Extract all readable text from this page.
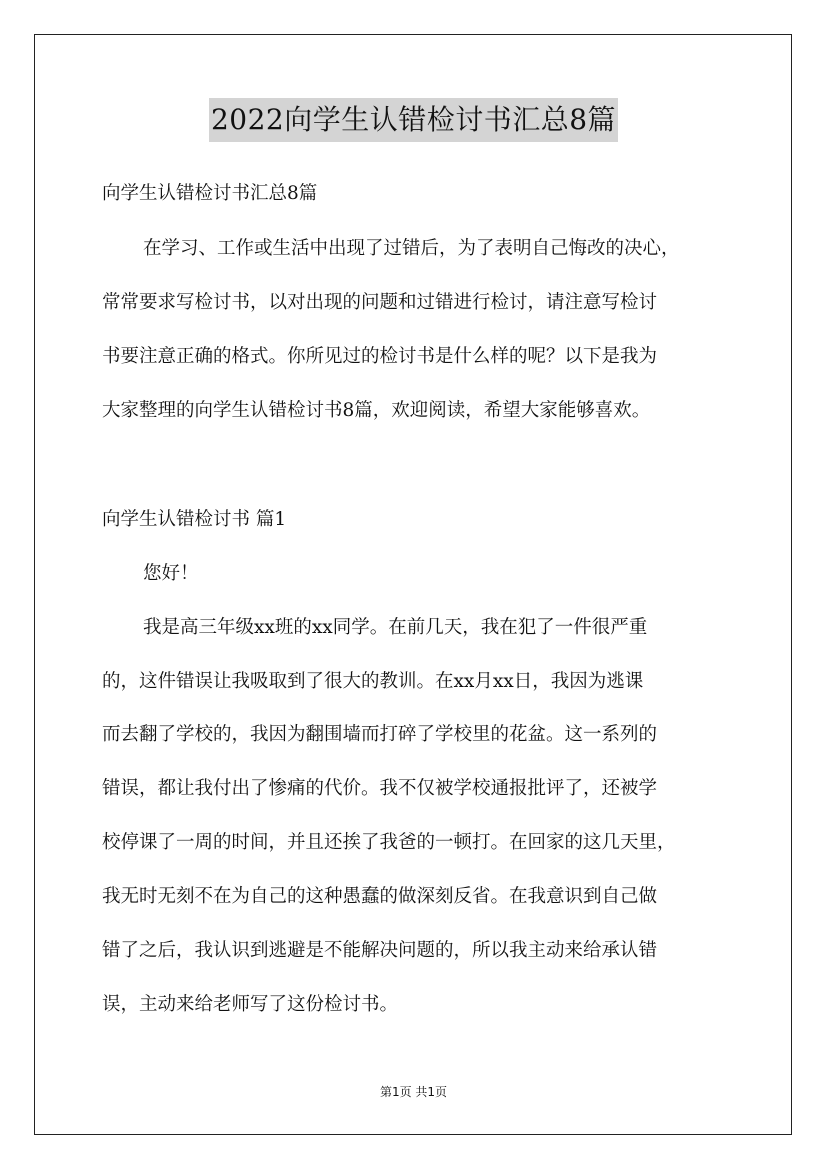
2022向学生认错检讨书汇总8篇
向学生认错检讨书汇总8篇
在学习、工作或生活中出现了过错后，为了表明自己悔改的决心，
常常要求写检讨书，以对出现的问题和过错进行检讨，请注意写检讨
书要注意正确的格式。你所见过的检讨书是什么样的呢？以下是我为
大家整理的向学生认错检讨书8篇，欢迎阅读，希望大家能够喜欢。
向学生认错检讨书 篇1
您好！
我是高三年级xx班的xx同学。在前几天，我在犯了一件很严重
的，这件错误让我吸取到了很大的教训。在xx月xx日，我因为逃课
而去翻了学校的，我因为翻围墙而打碎了学校里的花盆。这一系列的
错误，都让我付出了惨痛的代价。我不仅被学校通报批评了，还被学
校停课了一周的时间，并且还挨了我爸的一顿打。在回家的这几天里，
我无时无刻不在为自己的这种愚蠢的做深刻反省。在我意识到自己做
错了之后，我认识到逃避是不能解决问题的，所以我主动来给承认错
误，主动来给老师写了这份检讨书。
第1页 共1页
